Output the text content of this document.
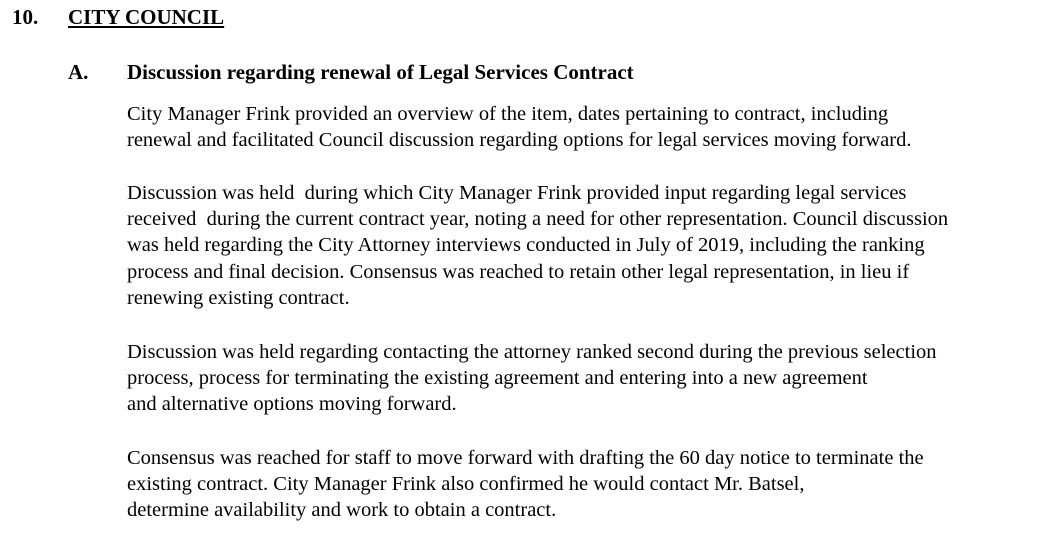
10. CITY COUNCIL
A. Discussion regarding renewal of Legal Services Contract
City Manager Frink provided an overview of the item, dates pertaining to contract, including
renewal and facilitated Council discussion regarding options for legal services moving forward.
Discussion was held  during which City Manager Frink provided input regarding legal services
received  during the current contract year, noting a need for other representation. Council discussion
was held regarding the City Attorney interviews conducted in July of 2019, including the ranking
process and final decision. Consensus was reached to retain other legal representation, in lieu if
renewing existing contract.
Discussion was held regarding contacting the attorney ranked second during the previous selection
process, process for terminating the existing agreement and entering into a new agreement
and alternative options moving forward.
Consensus was reached for staff to move forward with drafting the 60 day notice to terminate the
existing contract. City Manager Frink also confirmed he would contact Mr. Batsel,
determine availability and work to obtain a contract.
